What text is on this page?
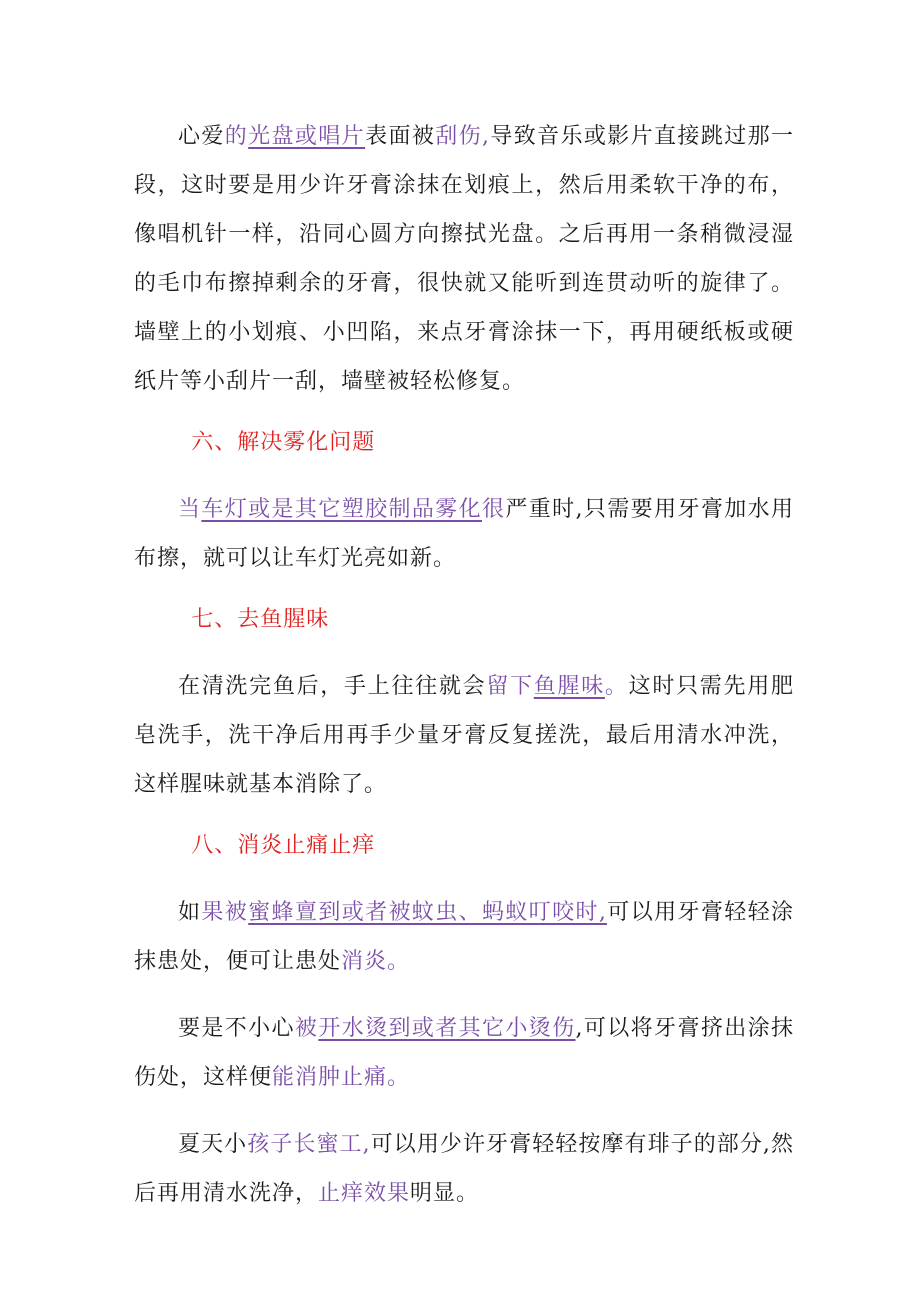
心爱的光盘或唱片表面被刮伤,导致音乐或影片直接跳过那一段，这时要是用少许牙膏涂抹在划痕上，然后用柔软干净的布，像唱机针一样，沿同心圆方向擦拭光盘。之后再用一条稍微浸湿的毛巾布擦掉剩余的牙膏，很快就又能听到连贯动听的旋律了。墙壁上的小划痕、小凹陷，来点牙膏涂抹一下，再用硬纸板或硬纸片等小刮片一刮，墙壁被轻松修复。

六、解决雾化问题

当车灯或是其它塑胶制品雾化很严重时,只需要用牙膏加水用布擦，就可以让车灯光亮如新。

七、去鱼腥味

在清洗完鱼后，手上往往就会留下鱼腥味。这时只需先用肥皂洗手，洗干净后用再手少量牙膏反复搓洗，最后用清水冲洗，这样腥味就基本消除了。

八、消炎止痛止痒

如果被蜜蜂亶到或者被蚊虫、蚂蚁叮咬时,可以用牙膏轻轻涂抹患处，便可让患处消炎。

要是不小心被开水烫到或者其它小烫伤,可以将牙膏挤出涂抹伤处，这样便能消肿止痛。

夏天小孩子长蜜工,可以用少许牙膏轻轻按摩有琲子的部分,然后再用清水洗净，止痒效果明显。
